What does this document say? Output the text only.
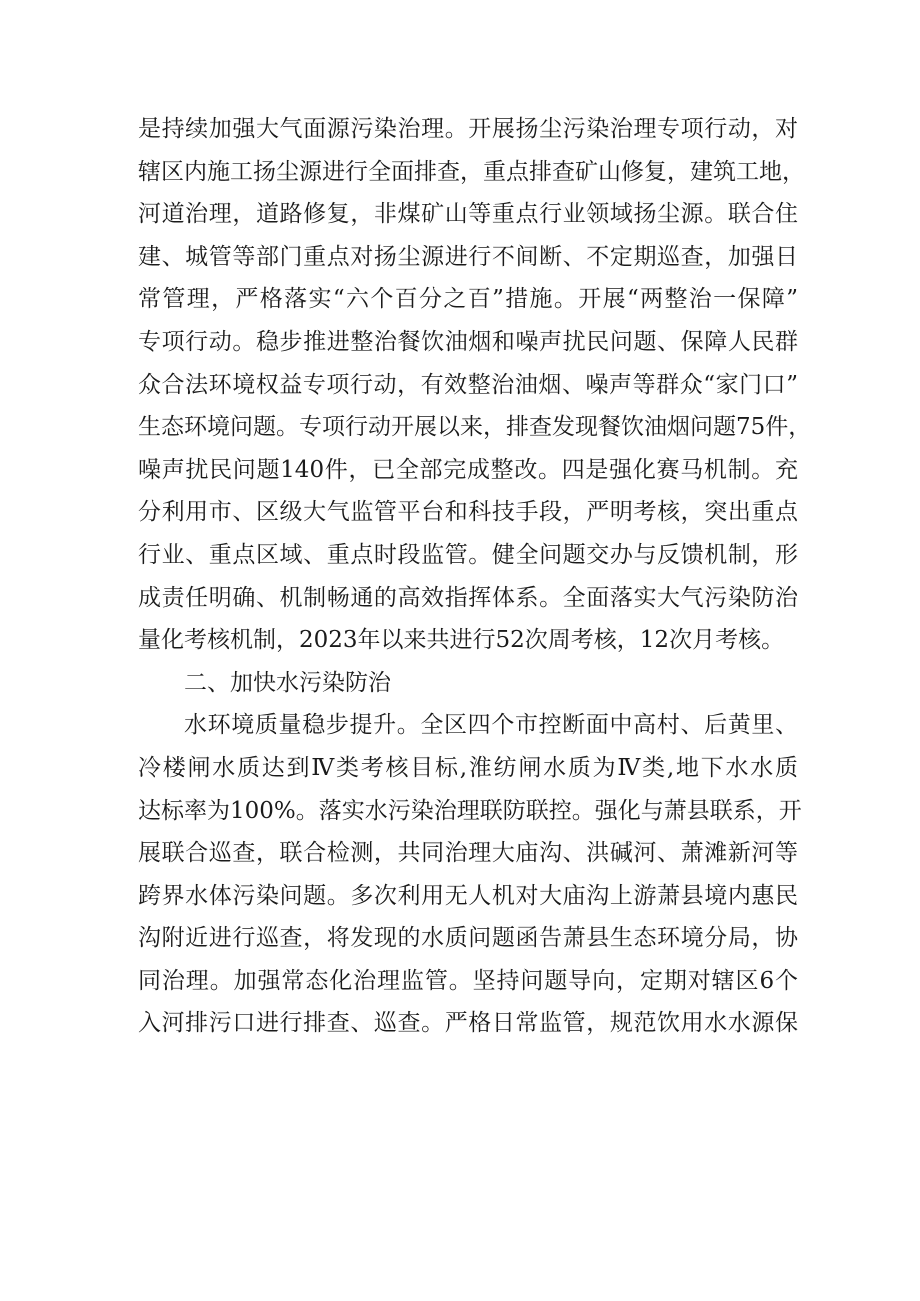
是持续加强大气面源污染治理。开展扬尘污染治理专项行动，对
辖区内施工扬尘源进行全面排查，重点排查矿山修复，建筑工地，
河道治理，道路修复，非煤矿山等重点行业领域扬尘源。联合住
建、城管等部门重点对扬尘源进行不间断、不定期巡查，加强日
常管理，严格落实“六个百分之百”措施。开展“两整治一保障”
专项行动。稳步推进整治餐饮油烟和噪声扰民问题、保障人民群
众合法环境权益专项行动，有效整治油烟、噪声等群众“家门口”
生态环境问题。专项行动开展以来，排查发现餐饮油烟问题75件，
噪声扰民问题140件，已全部完成整改。四是强化赛马机制。充
分利用市、区级大气监管平台和科技手段，严明考核，突出重点
行业、重点区域、重点时段监管。健全问题交办与反馈机制，形
成责任明确、机制畅通的高效指挥体系。全面落实大气污染防治
量化考核机制，2023年以来共进行52次周考核，12次月考核。
二、加快水污染防治
水环境质量稳步提升。全区四个市控断面中高村、后黄里、
冷楼闸水质达到Ⅳ类考核目标,淮纺闸水质为Ⅳ类,地下水水质
达标率为100%。落实水污染治理联防联控。强化与萧县联系，开
展联合巡查，联合检测，共同治理大庙沟、洪碱河、萧滩新河等
跨界水体污染问题。多次利用无人机对大庙沟上游萧县境内惠民
沟附近进行巡查，将发现的水质问题函告萧县生态环境分局，协
同治理。加强常态化治理监管。坚持问题导向，定期对辖区6个
入河排污口进行排查、巡查。严格日常监管，规范饮用水水源保
